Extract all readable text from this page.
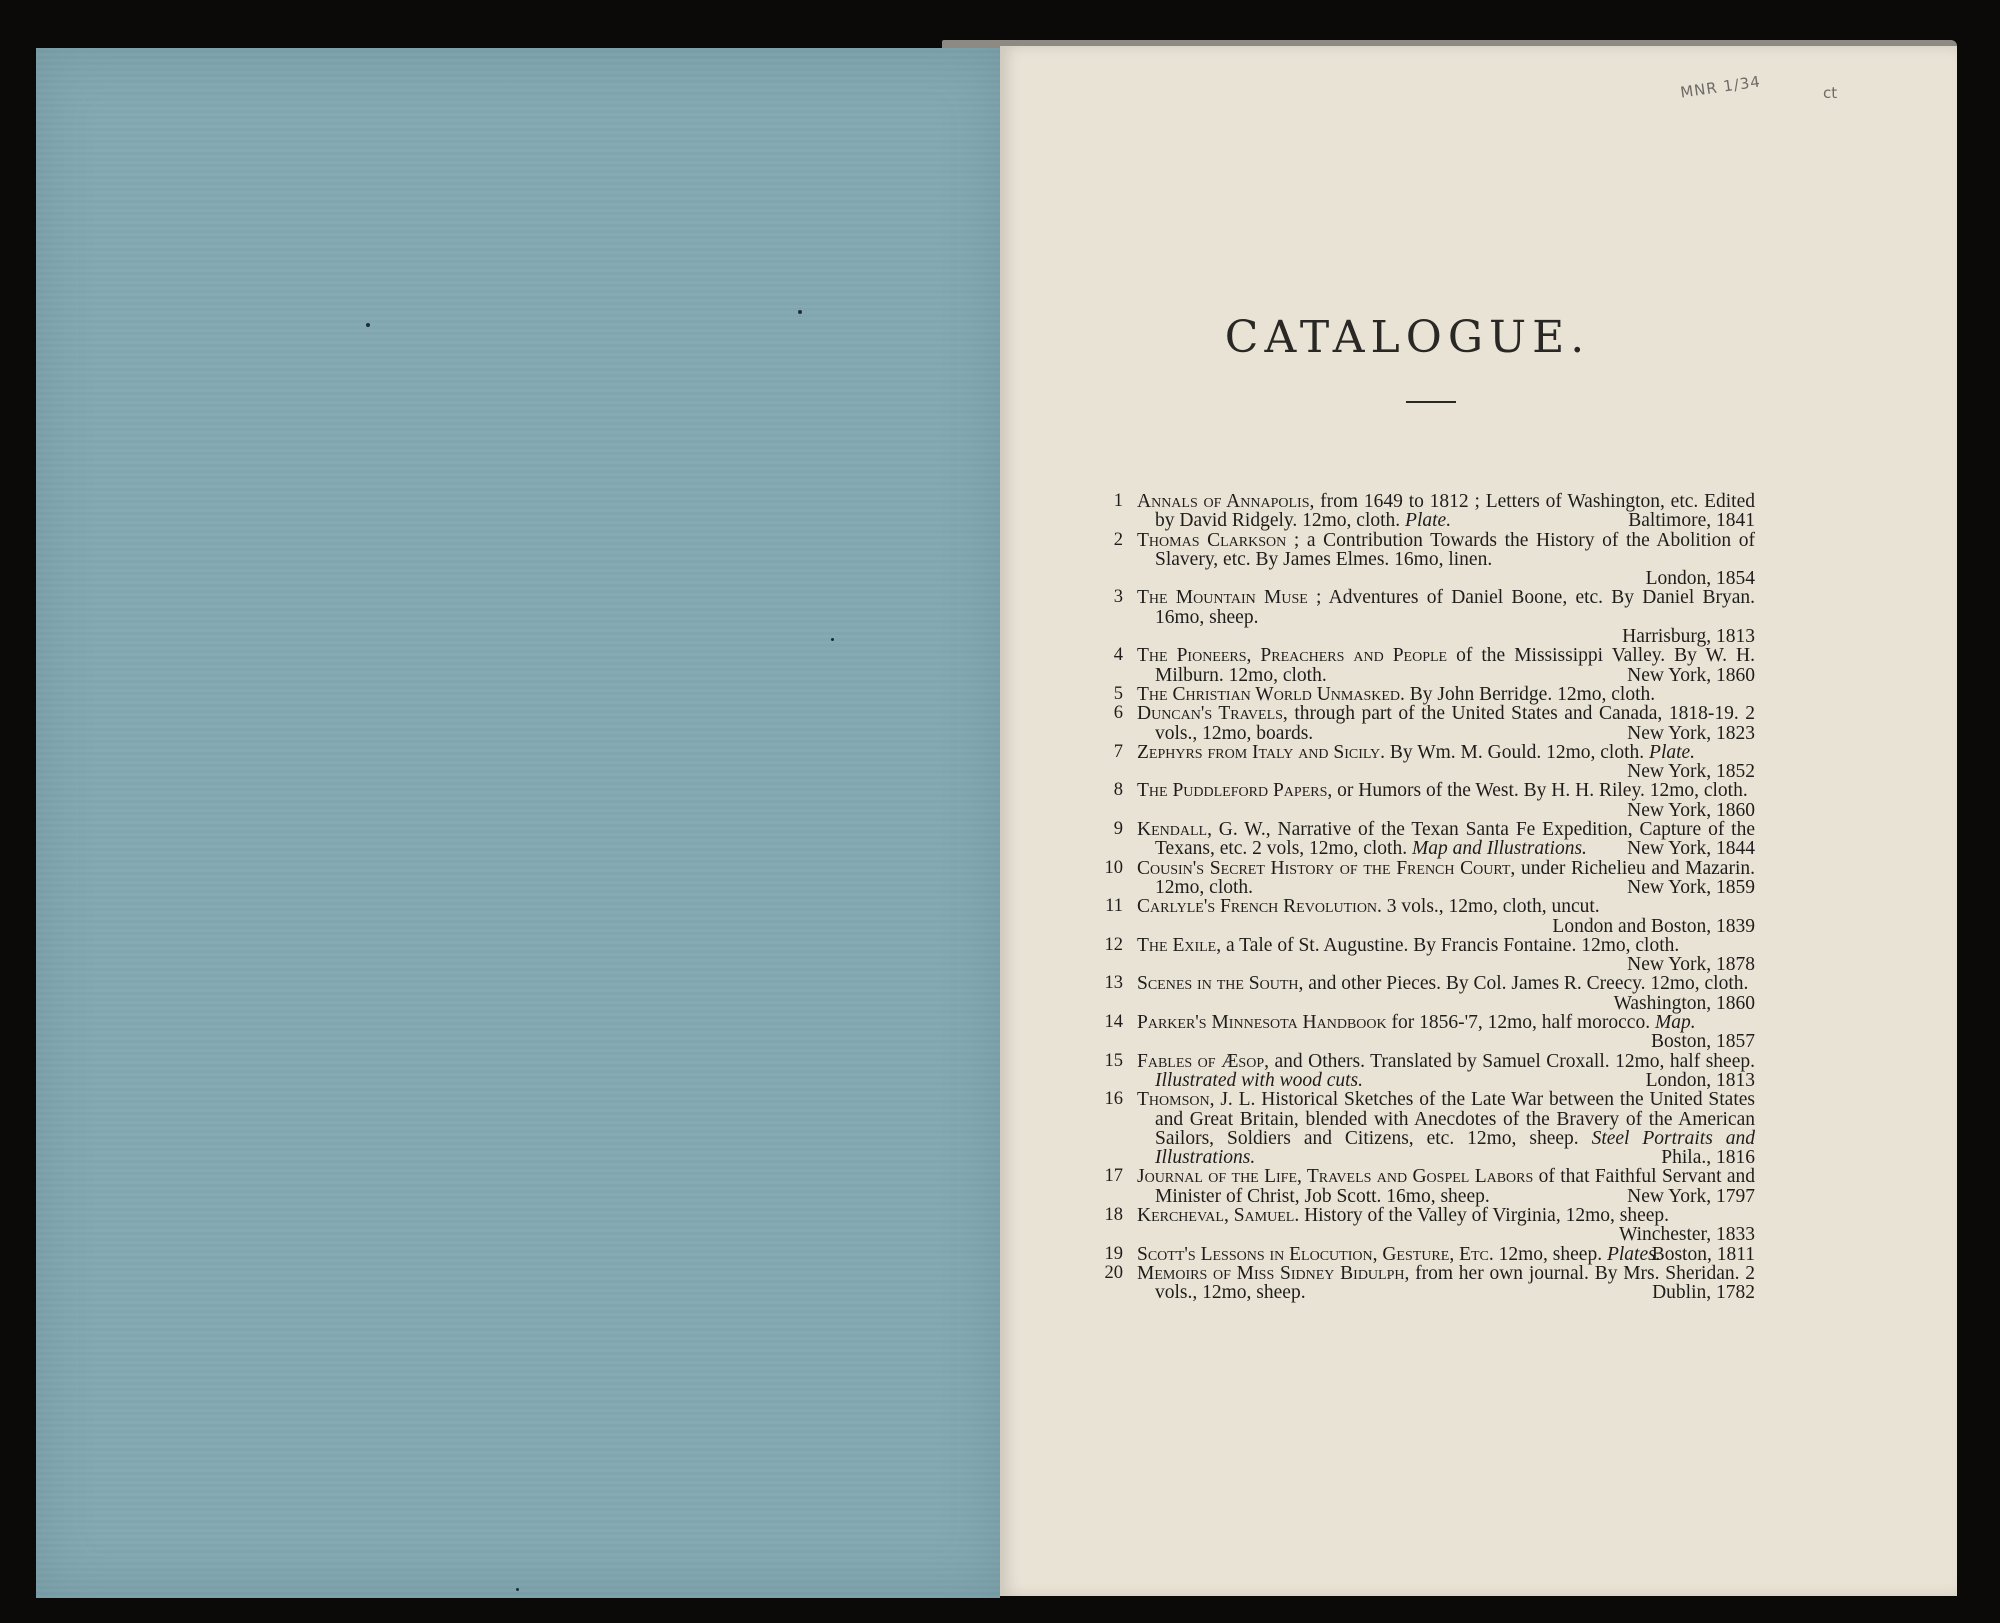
MNR 1/34	ct
CATALOGUE.
1 Annals of Annapolis, from 1649 to 1812 ; Letters of Washington, etc. Edited by David Ridgely. 12mo, cloth. Plate.	Baltimore, 1841
2 Thomas Clarkson ; a Contribution Towards the History of the Abolition of Slavery, etc. By James Elmes. 16mo, linen.
London, 1854
3 The Mountain Muse ; Adventures of Daniel Boone, etc. By Daniel Bryan. 16mo, sheep.
Harrisburg, 1813
4 The Pioneers, Preachers and People of the Mississippi Valley. By W. H. Milburn. 12mo, cloth.	New York, 1860
5 The Christian World Unmasked. By John Berridge. 12mo, cloth.
6 Duncan's Travels, through part of the United States and Canada, 1818-19. 2 vols., 12mo, boards.	New York, 1823
7 Zephyrs from Italy and Sicily. By Wm. M. Gould. 12mo, cloth. Plate.
New York, 1852
8 The Puddleford Papers, or Humors of the West. By H. H. Riley. 12mo, cloth.
New York, 1860
9 Kendall, G. W., Narrative of the Texan Santa Fe Expedition, Capture of the Texans, etc. 2 vols, 12mo, cloth. Map and Illustrations. New York, 1844
10 Cousin's Secret History of the French Court, under Richelieu and Mazarin. 12mo, cloth.	New York, 1859
11 Carlyle's French Revolution. 3 vols., 12mo, cloth, uncut.
London and Boston, 1839
12 The Exile, a Tale of St. Augustine. By Francis Fontaine. 12mo, cloth.
New York, 1878
13 Scenes in the South, and other Pieces. By Col. James R. Creecy. 12mo, cloth.
Washington, 1860
14 Parker's Minnesota Handbook for 1856-'7, 12mo, half morocco. Map.
Boston, 1857
15 Fables of Æsop, and Others. Translated by Samuel Croxall. 12mo, half sheep. Illustrated with wood cuts.	London, 1813
16 Thomson, J. L. Historical Sketches of the Late War between the United States and Great Britain, blended with Anecdotes of the Bravery of the American Sailors, Soldiers and Citizens, etc. 12mo, sheep. Steel Portraits and Illustrations.	Phila., 1816
17 Journal of the Life, Travels and Gospel Labors of that Faithful Servant and Minister of Christ, Job Scott. 16mo, sheep.	New York, 1797
18 Kercheval, Samuel. History of the Valley of Virginia, 12mo, sheep.
Winchester, 1833
19 Scott's Lessons in Elocution, Gesture, Etc. 12mo, sheep. Plates.
Boston, 1811
20 Memoirs of Miss Sidney Bidulph, from her own journal. By Mrs. Sheridan. 2 vols., 12mo, sheep.	Dublin, 1782
